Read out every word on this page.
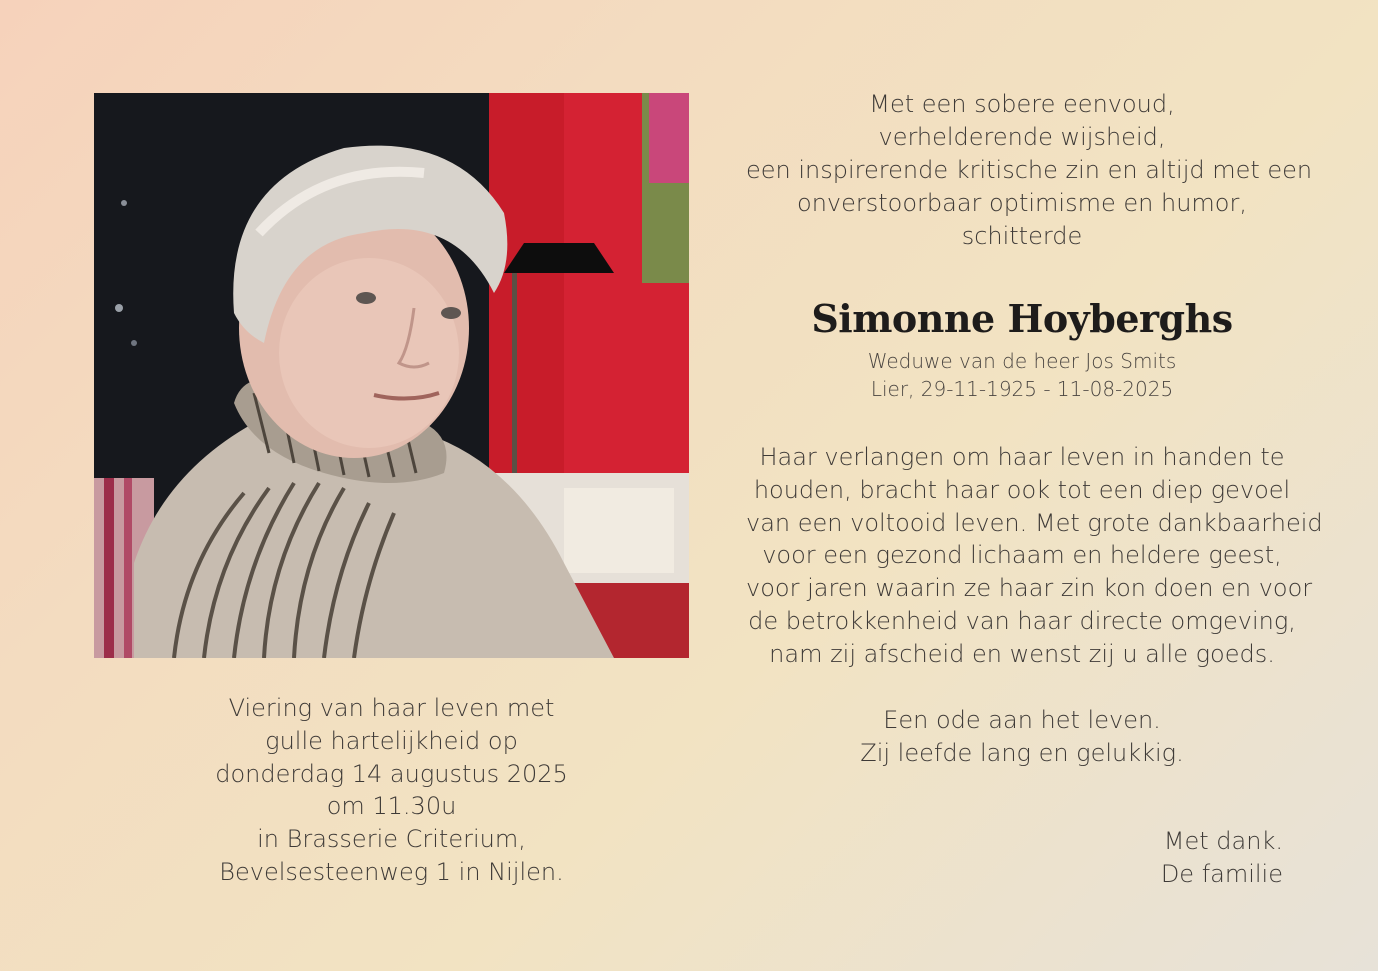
Viering van haar leven met
gulle hartelijkheid op
donderdag 14 augustus 2025
om 11.30u
in Brasserie Criterium,
Bevelsesteenweg 1 in Nijlen.
Met een sobere eenvoud,
verhelderende wijsheid,
een inspirerende kritische zin en altijd met een
onverstoorbaar optimisme en humor,
schitterde
Simonne Hoyberghs
Weduwe van de heer Jos Smits
Lier, 29-11-1925 - 11-08-2025
Haar verlangen om haar leven in handen te
houden, bracht haar ook tot een diep gevoel
van een voltooid leven. Met grote dankbaarheid
voor een gezond lichaam en heldere geest,
voor jaren waarin ze haar zin kon doen en voor
de betrokkenheid van haar directe omgeving,
nam zij afscheid en wenst zij u alle goeds.
Een ode aan het leven.
Zij leefde lang en gelukkig.
Met dank.
De familie
